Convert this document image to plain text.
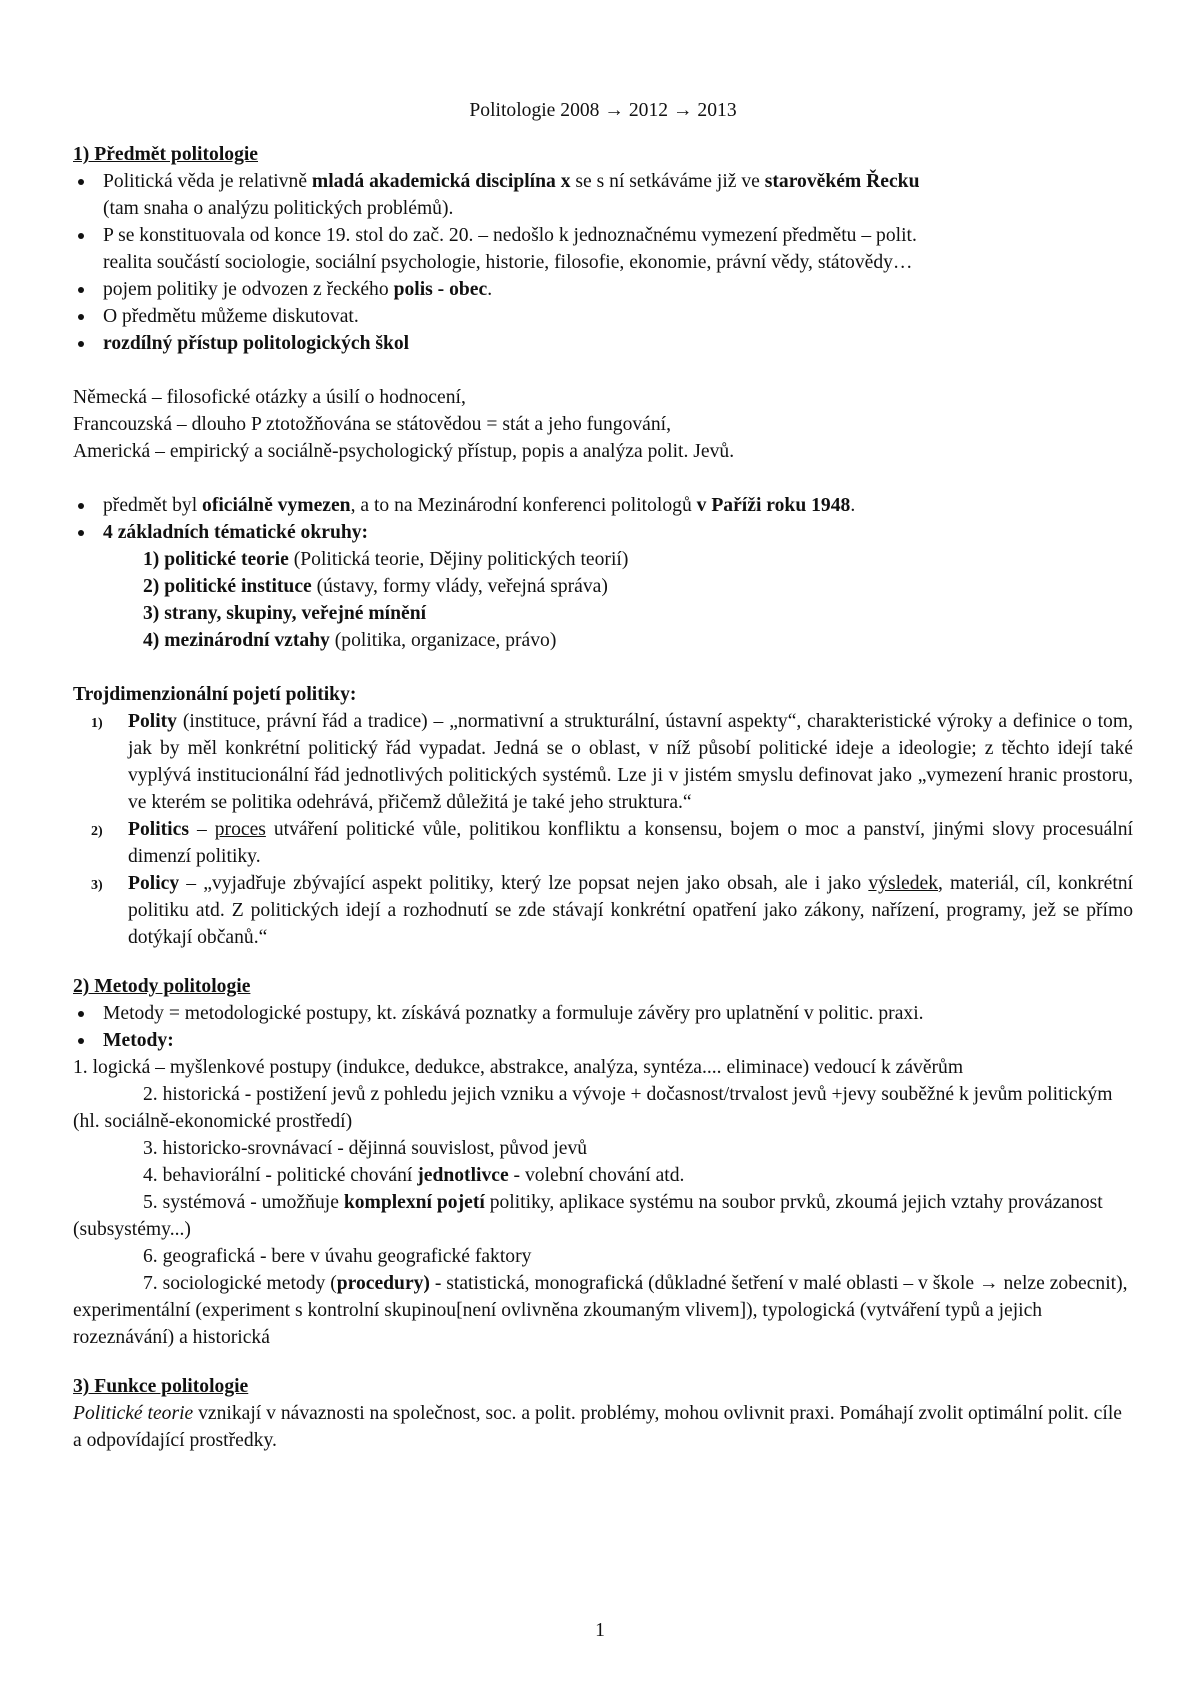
Politologie 2008 → 2012 → 2013
1) Předmět politologie
Politická věda je relativně mladá akademická disciplína x se s ní setkáváme již ve starověkém Řecku
(tam snaha o analýzu politických problémů).
P se konstituovala od konce 19. stol do zač. 20. – nedošlo k jednoznačnému vymezení předmětu – polit.
realita součástí sociologie, sociální psychologie, historie, filosofie, ekonomie, právní vědy, státovědy…
pojem politiky je odvozen z řeckého polis - obec.
O předmětu můžeme diskutovat.
rozdílný přístup politologických škol
Německá – filosofické otázky a úsilí o hodnocení,
Francouzská – dlouho P ztotožňována se státovědou = stát a jeho fungování,
Americká – empirický a sociálně-psychologický přístup, popis a analýza polit. Jevů.
předmět byl oficiálně vymezen, a to na Mezinárodní konferenci politologů v Paříži roku 1948.
4 základních tématické okruhy:
1) politické teorie (Politická teorie, Dějiny politických teorií)
2) politické instituce (ústavy, formy vlády, veřejná správa)
3) strany, skupiny, veřejné mínění
4) mezinárodní vztahy (politika, organizace, právo)
Trojdimenzionální pojetí politiky:
1) Polity (instituce, právní řád a tradice) – „normativní a strukturální, ústavní aspekty“, charakteristické výroky a definice o tom, jak by měl konkrétní politický řád vypadat. Jedná se o oblast, v níž působí politické ideje a ideologie; z těchto idejí také vyplývá institucionální řád jednotlivých politických systémů. Lze ji v jistém smyslu definovat jako „vymezení hranic prostoru, ve kterém se politika odehrává, přičemž důležitá je také jeho struktura.“
2) Politics – proces utváření politické vůle, politikou konfliktu a konsensu, bojem o moc a panství, jinými slovy procesuální dimenzí politiky.
3) Policy – „vyjadřuje zbývající aspekt politiky, který lze popsat nejen jako obsah, ale i jako výsledek, materiál, cíl, konkrétní politiku atd. Z politických idejí a rozhodnutí se zde stávají konkrétní opatření jako zákony, nařízení, programy, jež se přímo dotýkají občanů.“
2) Metody politologie
Metody = metodologické postupy, kt. získává poznatky a formuluje závěry pro uplatnění v politic. praxi.
Metody:
1. logická – myšlenkové postupy (indukce, dedukce, abstrakce, analýza, syntéza.... eliminace) vedoucí k závěrům
2. historická - postižení jevů z pohledu jejich vzniku a vývoje + dočasnost/trvalost jevů +jevy souběžné k jevům politickým (hl. sociálně-ekonomické prostředí)
3. historicko-srovnávací - dějinná souvislost, původ jevů
4. behaviorální - politické chování jednotlivce - volební chování atd.
5. systémová - umožňuje komplexní pojetí politiky, aplikace systému na soubor prvků, zkoumá jejich vztahy provázanost (subsystémy...)
6. geografická - bere v úvahu geografické faktory
7. sociologické metody (procedury) - statistická, monografická (důkladné šetření v malé oblasti – v škole → nelze zobecnit), experimentální (experiment s kontrolní skupinou[není ovlivněna zkoumaným vlivem]), typologická (vytváření typů a jejich rozeznávání) a historická
3) Funkce politologie
Politické teorie vznikají v návaznosti na společnost, soc. a polit. problémy, mohou ovlivnit praxi. Pomáhají zvolit optimální polit. cíle a odpovídající prostředky.
1
